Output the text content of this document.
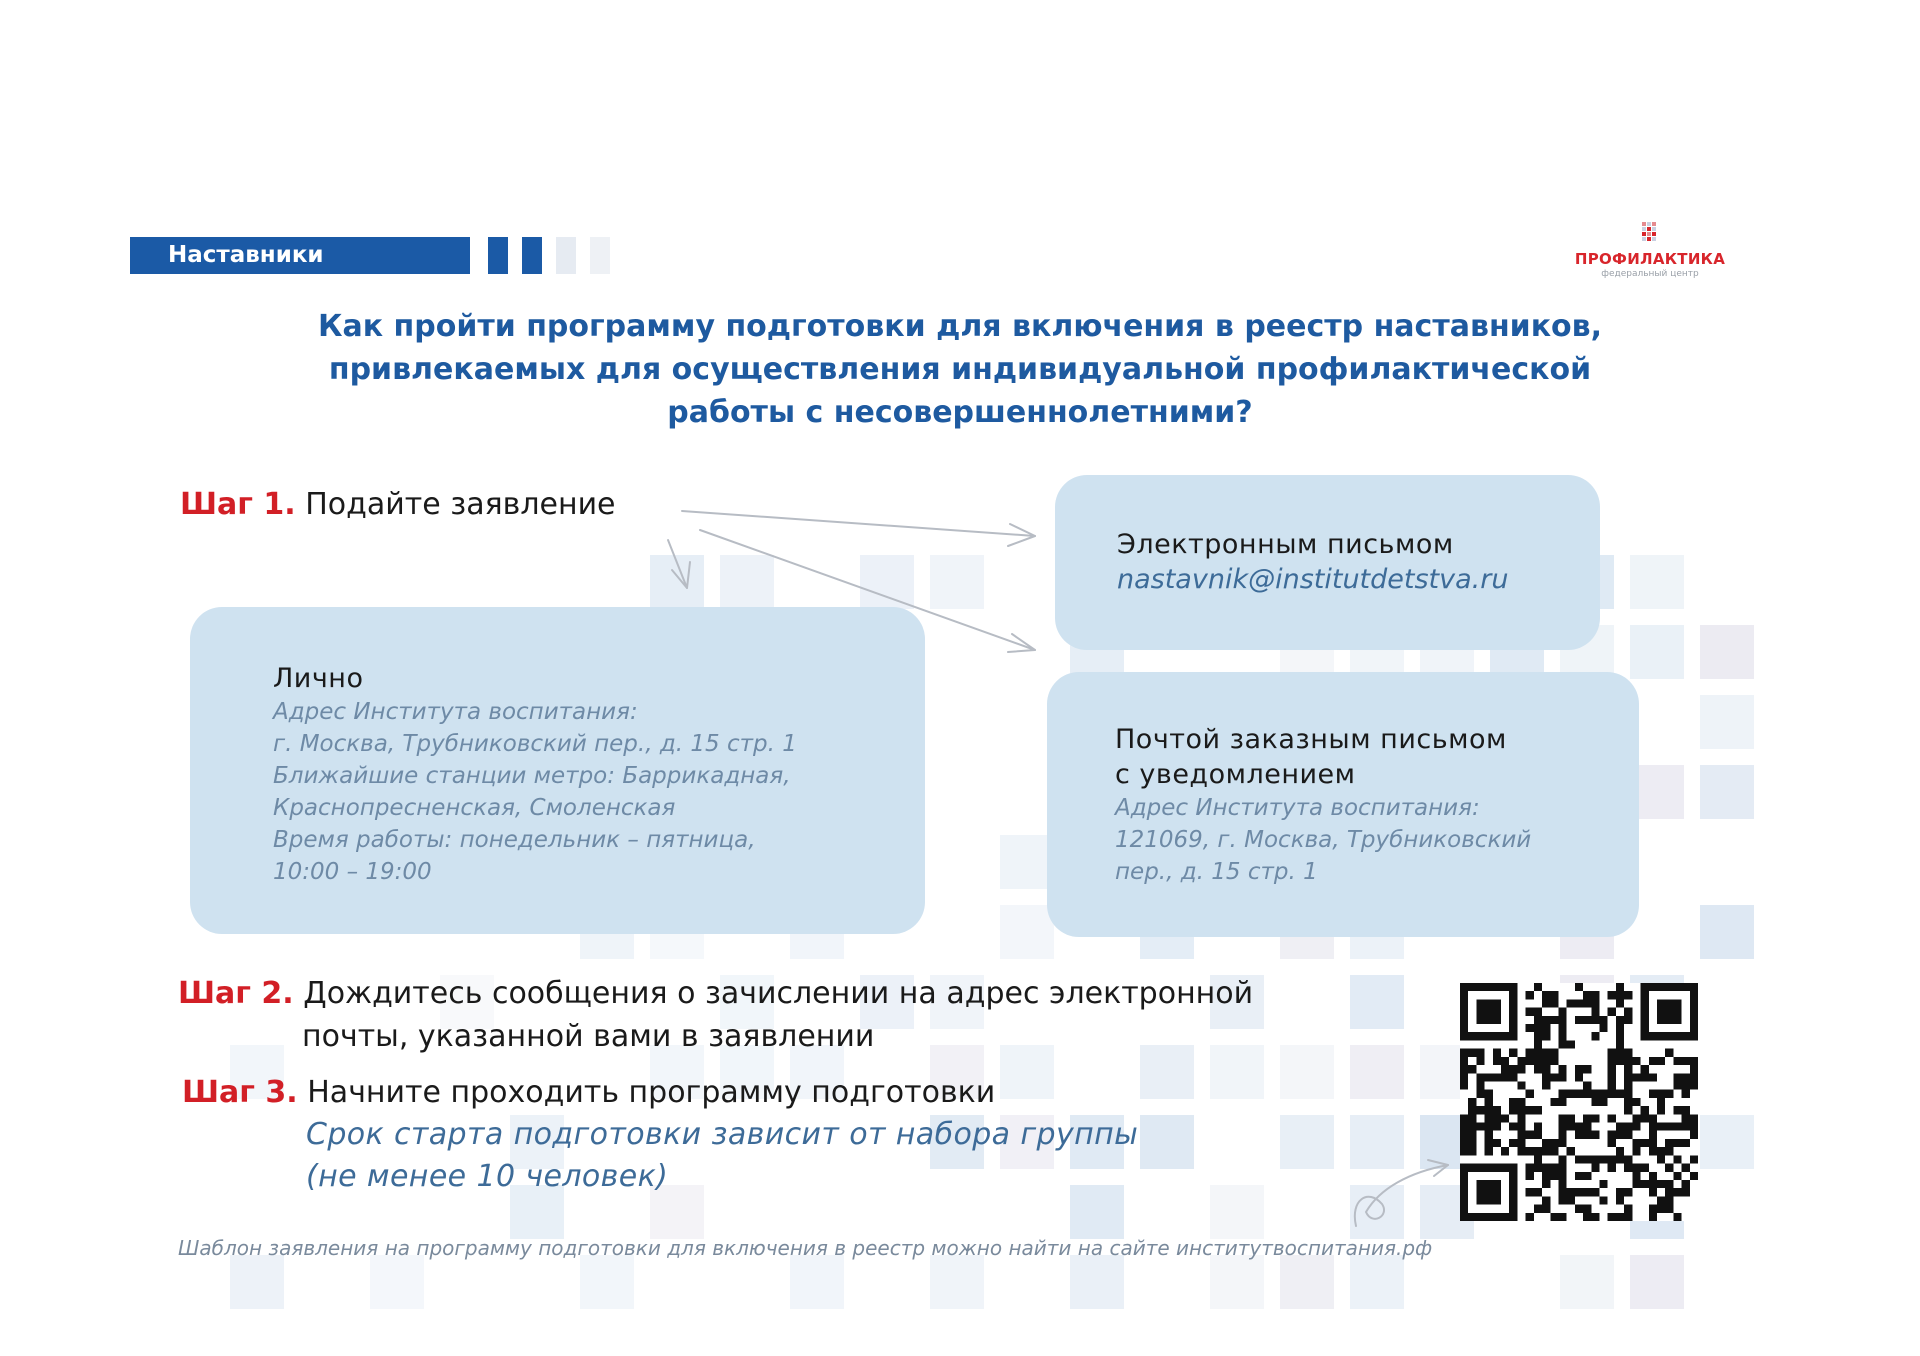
Наставники	ПРОФИЛАКТИКА
федеральный центр
Как пройти программу подготовки для включения в реестр наставников,
привлекаемых для осуществления индивидуальной профилактической
работы с несовершеннолетними?
Шаг 1. Подайте заявление
Лично
Адрес Института воспитания:
г. Москва, Трубниковский пер., д. 15 стр. 1
Ближайшие станции метро: Баррикадная,
Краснопресненская, Смоленская
Время работы: понедельник – пятница,
10:00 – 19:00
Электронным письмом
nastavnik@institutdetstva.ru
Почтой заказным письмом
с уведомлением
Адрес Института воспитания:
121069, г. Москва, Трубниковский
пер., д. 15 стр. 1
Шаг 2. Дождитесь сообщения о зачислении на адрес электронной
почты, указанной вами в заявлении
Шаг 3. Начните проходить программу подготовки
Срок старта подготовки зависит от набора группы
(не менее 10 человек)
Шаблон заявления на программу подготовки для включения в реестр можно найти на сайте институтвоспитания.рф
